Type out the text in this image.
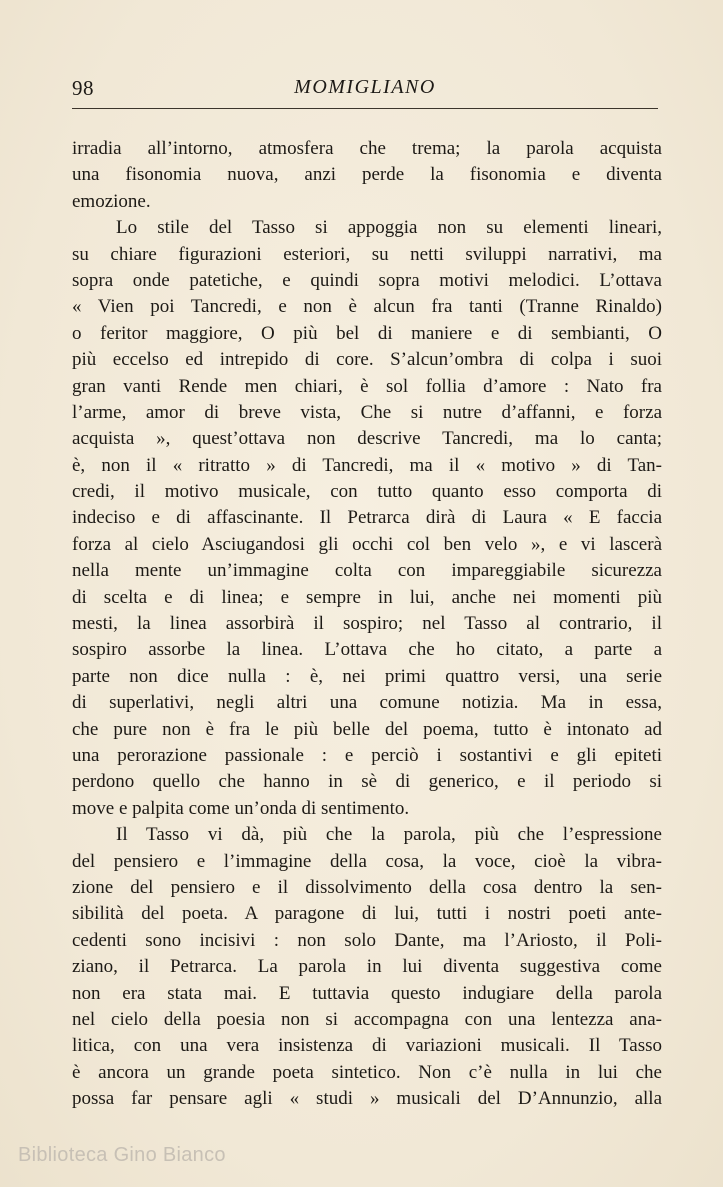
98	MOMIGLIANO
irradia all’intorno, atmosfera che trema; la parola acquista
una fisonomia nuova, anzi perde la fisonomia e diventa
emozione.
Lo stile del Tasso si appoggia non su elementi lineari,
su chiare figurazioni esteriori, su netti sviluppi narrativi, ma
sopra onde patetiche, e quindi sopra motivi melodici. L’ottava
« Vien poi Tancredi, e non è alcun fra tanti (Tranne Rinaldo)
o feritor maggiore, O più bel di maniere e di sembianti, O
più eccelso ed intrepido di core. S’alcun’ombra di colpa i suoi
gran vanti Rende men chiari, è sol follia d’amore : Nato fra
l’arme, amor di breve vista, Che si nutre d’affanni, e forza
acquista », quest’ottava non descrive Tancredi, ma lo canta;
è, non il « ritratto » di Tancredi, ma il « motivo » di Tan-
credi, il motivo musicale, con tutto quanto esso comporta di
indeciso e di affascinante. Il Petrarca dirà di Laura « E faccia
forza al cielo Asciugandosi gli occhi col ben velo », e vi lascerà
nella mente un’immagine colta con impareggiabile sicurezza
di scelta e di linea; e sempre in lui, anche nei momenti più
mesti, la linea assorbirà il sospiro; nel Tasso al contrario, il
sospiro assorbe la linea. L’ottava che ho citato, a parte a
parte non dice nulla : è, nei primi quattro versi, una serie
di superlativi, negli altri una comune notizia. Ma in essa,
che pure non è fra le più belle del poema, tutto è intonato ad
una perorazione passionale : e perciò i sostantivi e gli epiteti
perdono quello che hanno in sè di generico, e il periodo si
move e palpita come un’onda di sentimento.
Il Tasso vi dà, più che la parola, più che l’espressione
del pensiero e l’immagine della cosa, la voce, cioè la vibra-
zione del pensiero e il dissolvimento della cosa dentro la sen-
sibilità del poeta. A paragone di lui, tutti i nostri poeti ante-
cedenti sono incisivi : non solo Dante, ma l’Ariosto, il Poli-
ziano, il Petrarca. La parola in lui diventa suggestiva come
non era stata mai. E tuttavia questo indugiare della parola
nel cielo della poesia non si accompagna con una lentezza ana-
litica, con una vera insistenza di variazioni musicali. Il Tasso
è ancora un grande poeta sintetico. Non c’è nulla in lui che
possa far pensare agli « studi » musicali del D’Annunzio, alla
Biblioteca Gino Bianco
